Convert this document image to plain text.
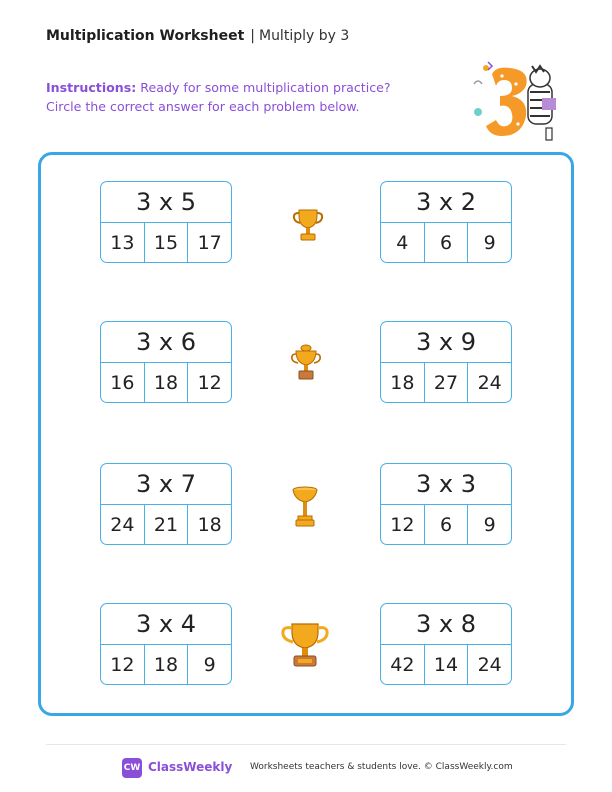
Multiplication Worksheet | Multiply by 3
Instructions: Ready for some multiplication practice? Circle the correct answer for each problem below.
3 x 5
13	15	17
3 x 2
4	6	9
3 x 6
16	18	12
3 x 9
18	27	24
3 x 7
24	21	18
3 x 3
12	6	9
3 x 4
12	18	9
3 x 8
42	14	24
CW ClassWeekly Worksheets teachers & students love. © ClassWeekly.com
